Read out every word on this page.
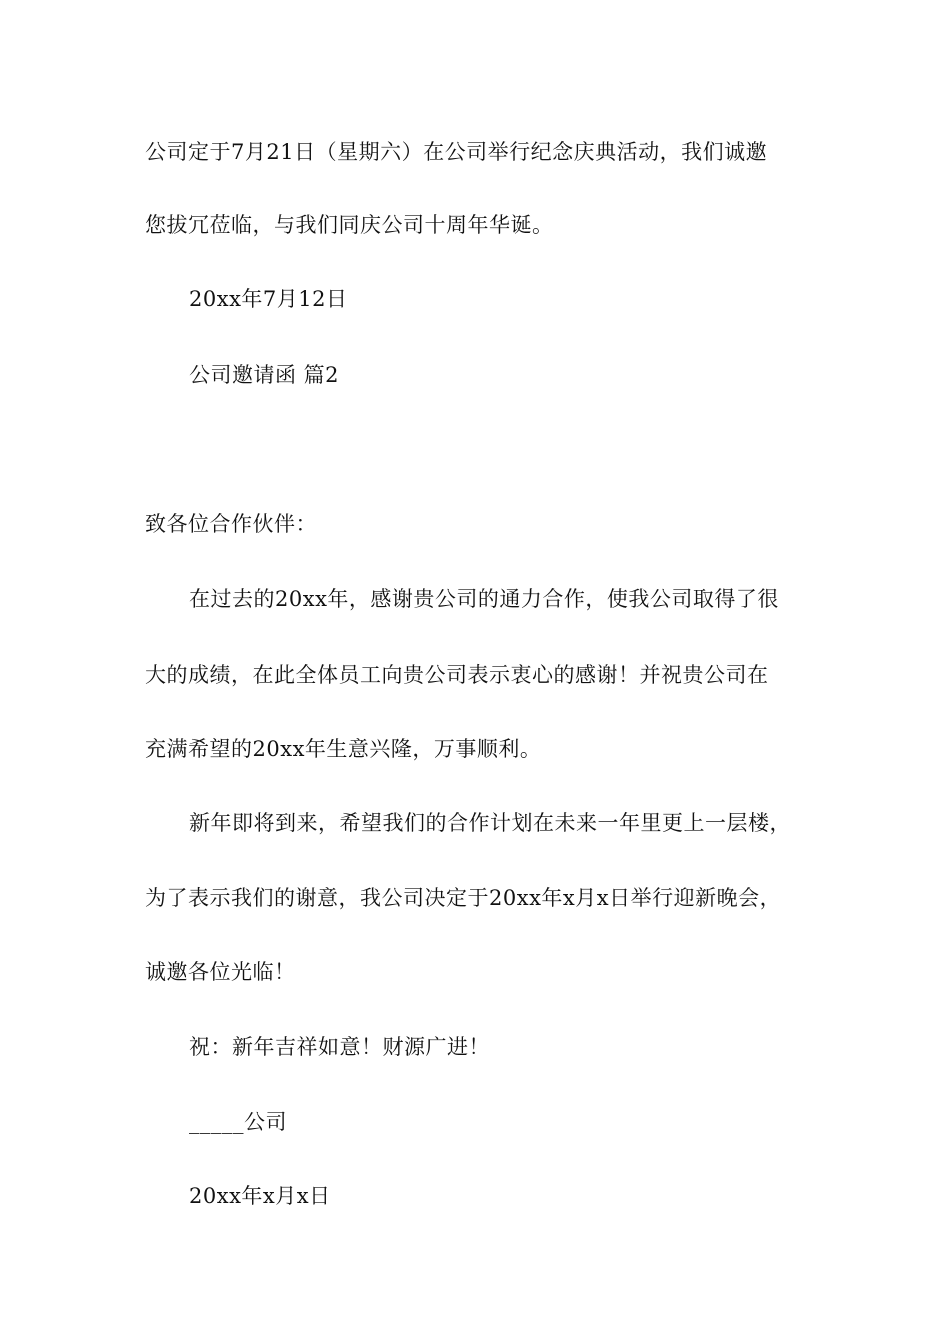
公司定于7月21日（星期六）在公司举行纪念庆典活动，我们诚邀
您拔冗莅临，与我们同庆公司十周年华诞。
20xx年7月12日
公司邀请函 篇2
致各位合作伙伴：
在过去的20xx年，感谢贵公司的通力合作，使我公司取得了很
大的成绩，在此全体员工向贵公司表示衷心的感谢！并祝贵公司在
充满希望的20xx年生意兴隆，万事顺利。
新年即将到来，希望我们的合作计划在未来一年里更上一层楼，
为了表示我们的谢意，我公司决定于20xx年x月x日举行迎新晚会，
诚邀各位光临！
祝：新年吉祥如意！财源广进！
_____公司
20xx年x月x日
